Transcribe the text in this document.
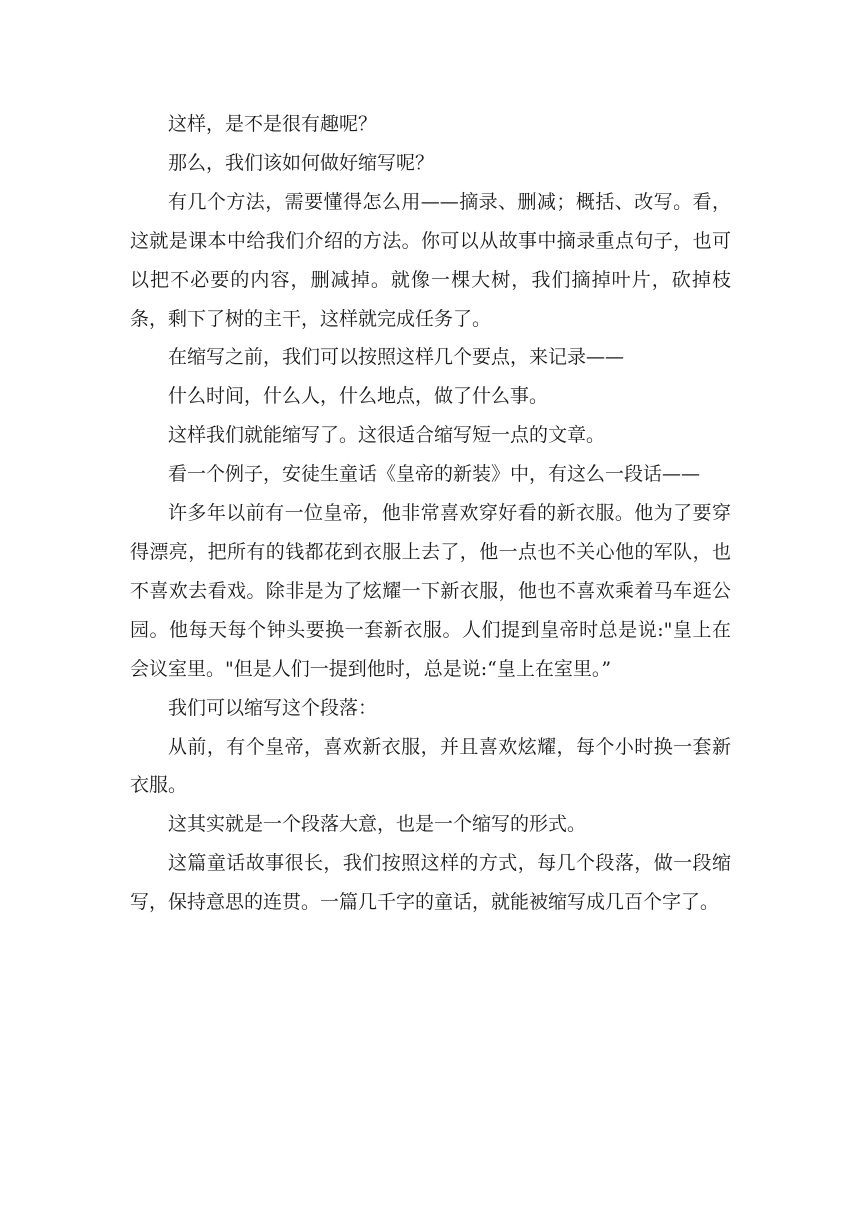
这样，是不是很有趣呢？

那么，我们该如何做好缩写呢？

有几个方法，需要懂得怎么用——摘录、删减；概括、改写。看，这就是课本中给我们介绍的方法。你可以从故事中摘录重点句子，也可以把不必要的内容，删减掉。就像一棵大树，我们摘掉叶片，砍掉枝条，剩下了树的主干，这样就完成任务了。

在缩写之前，我们可以按照这样几个要点，来记录——

什么时间，什么人，什么地点，做了什么事。

这样我们就能缩写了。这很适合缩写短一点的文章。

看一个例子，安徒生童话《皇帝的新装》中，有这么一段话——

许多年以前有一位皇帝，他非常喜欢穿好看的新衣服。他为了要穿得漂亮，把所有的钱都花到衣服上去了，他一点也不关心他的军队，也不喜欢去看戏。除非是为了炫耀一下新衣服，他也不喜欢乘着马车逛公园。他每天每个钟头要换一套新衣服。人们提到皇帝时总是说:"皇上在会议室里。"但是人们一提到他时，总是说:“皇上在室里。”

我们可以缩写这个段落：

从前，有个皇帝，喜欢新衣服，并且喜欢炫耀，每个小时换一套新衣服。

这其实就是一个段落大意，也是一个缩写的形式。

这篇童话故事很长，我们按照这样的方式，每几个段落，做一段缩写，保持意思的连贯。一篇几千字的童话，就能被缩写成几百个字了。
